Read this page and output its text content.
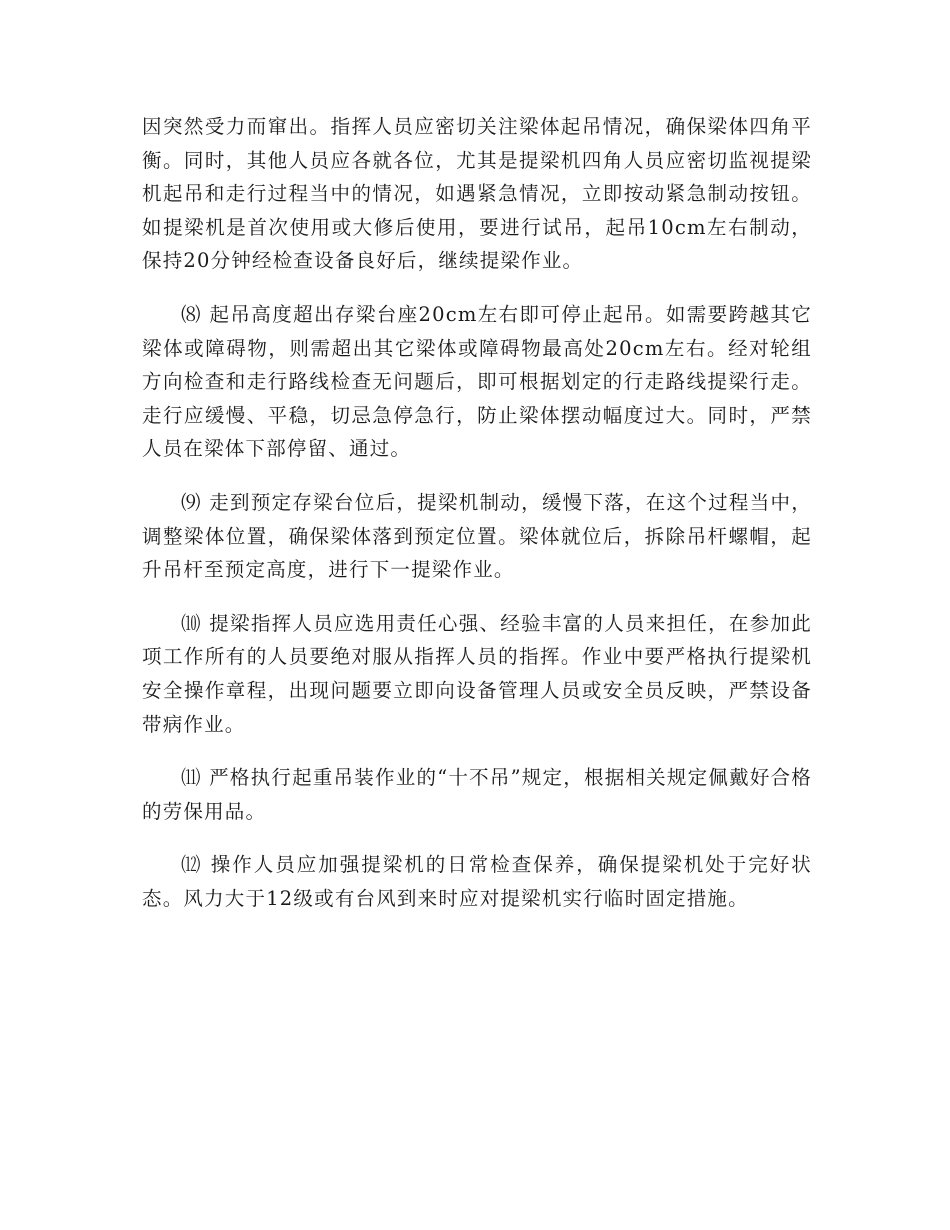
因突然受力而窜出。指挥人员应密切关注梁体起吊情况，确保梁体四角平衡。同时，其他人员应各就各位，尤其是提梁机四角人员应密切监视提梁机起吊和走行过程当中的情况，如遇紧急情况，立即按动紧急制动按钮。如提梁机是首次使用或大修后使用，要进行试吊，起吊10cm左右制动，保持20分钟经检查设备良好后，继续提梁作业。

⑻ 起吊高度超出存梁台座20cm左右即可停止起吊。如需要跨越其它梁体或障碍物，则需超出其它梁体或障碍物最高处20cm左右。经对轮组方向检查和走行路线检查无问题后，即可根据划定的行走路线提梁行走。走行应缓慢、平稳，切忌急停急行，防止梁体摆动幅度过大。同时，严禁人员在梁体下部停留、通过。

⑼ 走到预定存梁台位后，提梁机制动，缓慢下落，在这个过程当中，调整梁体位置，确保梁体落到预定位置。梁体就位后，拆除吊杆螺帽，起升吊杆至预定高度，进行下一提梁作业。

⑽ 提梁指挥人员应选用责任心强、经验丰富的人员来担任，在参加此项工作所有的人员要绝对服从指挥人员的指挥。作业中要严格执行提梁机安全操作章程，出现问题要立即向设备管理人员或安全员反映，严禁设备带病作业。

⑾ 严格执行起重吊装作业的“十不吊”规定，根据相关规定佩戴好合格的劳保用品。

⑿ 操作人员应加强提梁机的日常检查保养，确保提梁机处于完好状态。风力大于12级或有台风到来时应对提梁机实行临时固定措施。
